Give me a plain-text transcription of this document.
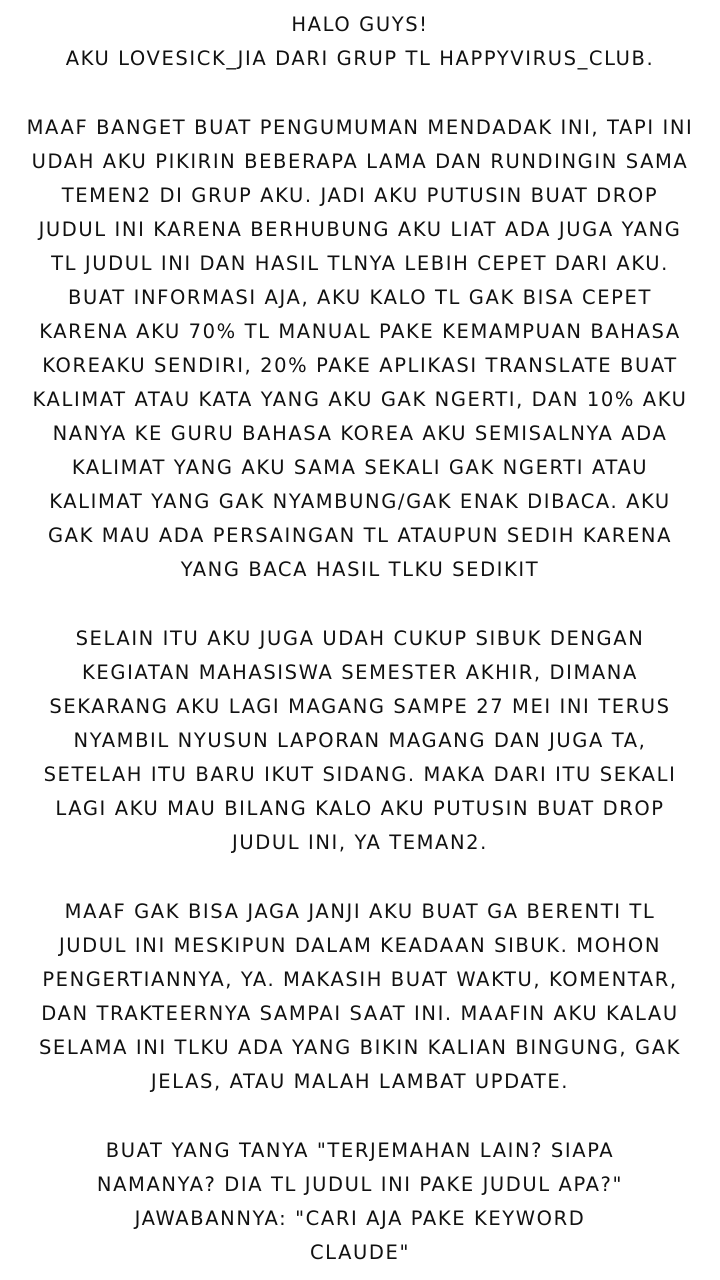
HALO GUYS!
AKU LOVESICK_JIA DARI GRUP TL HAPPYVIRUS_CLUB.
MAAF BANGET BUAT PENGUMUMAN MENDADAK INI, TAPI INI
UDAH AKU PIKIRIN BEBERAPA LAMA DAN RUNDINGIN SAMA
TEMEN2 DI GRUP AKU. JADI AKU PUTUSIN BUAT DROP
JUDUL INI KARENA BERHUBUNG AKU LIAT ADA JUGA YANG
TL JUDUL INI DAN HASIL TLNYA LEBIH CEPET DARI AKU.
BUAT INFORMASI AJA, AKU KALO TL GAK BISA CEPET
KARENA AKU 70% TL MANUAL PAKE KEMAMPUAN BAHASA
KOREAKU SENDIRI, 20% PAKE APLIKASI TRANSLATE BUAT
KALIMAT ATAU KATA YANG AKU GAK NGERTI, DAN 10% AKU
NANYA KE GURU BAHASA KOREA AKU SEMISALNYA ADA
KALIMAT YANG AKU SAMA SEKALI GAK NGERTI ATAU
KALIMAT YANG GAK NYAMBUNG/GAK ENAK DIBACA. AKU
GAK MAU ADA PERSAINGAN TL ATAUPUN SEDIH KARENA
YANG BACA HASIL TLKU SEDIKIT
SELAIN ITU AKU JUGA UDAH CUKUP SIBUK DENGAN
KEGIATAN MAHASISWA SEMESTER AKHIR, DIMANA
SEKARANG AKU LAGI MAGANG SAMPE 27 MEI INI TERUS
NYAMBIL NYUSUN LAPORAN MAGANG DAN JUGA TA,
SETELAH ITU BARU IKUT SIDANG. MAKA DARI ITU SEKALI
LAGI AKU MAU BILANG KALO AKU PUTUSIN BUAT DROP
JUDUL INI, YA TEMAN2.
MAAF GAK BISA JAGA JANJI AKU BUAT GA BERENTI TL
JUDUL INI MESKIPUN DALAM KEADAAN SIBUK. MOHON
PENGERTIANNYA, YA. MAKASIH BUAT WAKTU, KOMENTAR,
DAN TRAKTEERNYA SAMPAI SAAT INI. MAAFIN AKU KALAU
SELAMA INI TLKU ADA YANG BIKIN KALIAN BINGUNG, GAK
JELAS, ATAU MALAH LAMBAT UPDATE.
BUAT YANG TANYA "TERJEMAHAN LAIN? SIAPA
NAMANYA? DIA TL JUDUL INI PAKE JUDUL APA?"
JAWABANNYA: "CARI AJA PAKE KEYWORD
CLAUDE"
